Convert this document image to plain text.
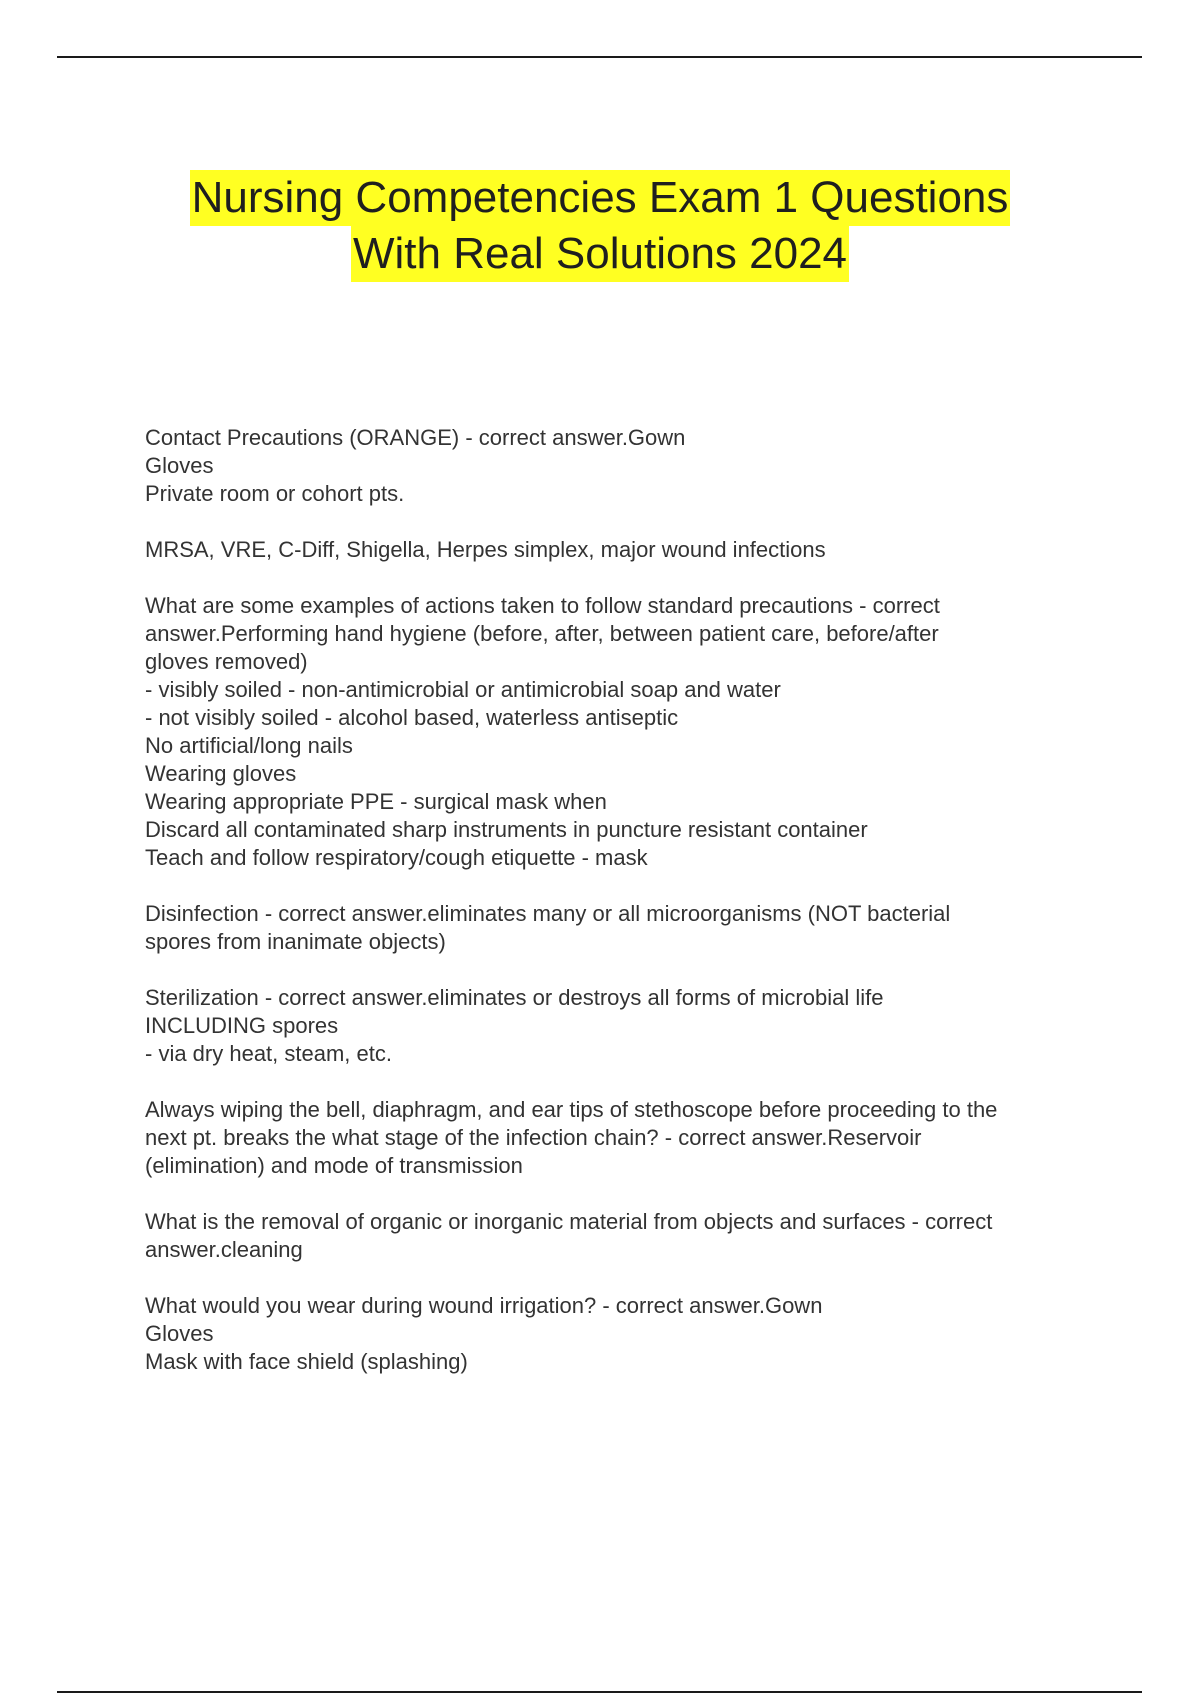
Nursing Competencies Exam 1 Questions
With Real Solutions 2024
Contact Precautions (ORANGE) - correct answer.Gown
Gloves
Private room or cohort pts.
MRSA, VRE, C-Diff, Shigella, Herpes simplex, major wound infections
What are some examples of actions taken to follow standard precautions - correct
answer.Performing hand hygiene (before, after, between patient care, before/after
gloves removed)
- visibly soiled - non-antimicrobial or antimicrobial soap and water
- not visibly soiled - alcohol based, waterless antiseptic
No artificial/long nails
Wearing gloves
Wearing appropriate PPE - surgical mask when
Discard all contaminated sharp instruments in puncture resistant container
Teach and follow respiratory/cough etiquette - mask
Disinfection - correct answer.eliminates many or all microorganisms (NOT bacterial
spores from inanimate objects)
Sterilization - correct answer.eliminates or destroys all forms of microbial life
INCLUDING spores
- via dry heat, steam, etc.
Always wiping the bell, diaphragm, and ear tips of stethoscope before proceeding to the
next pt. breaks the what stage of the infection chain? - correct answer.Reservoir
(elimination) and mode of transmission
What is the removal of organic or inorganic material from objects and surfaces - correct
answer.cleaning
What would you wear during wound irrigation? - correct answer.Gown
Gloves
Mask with face shield (splashing)
